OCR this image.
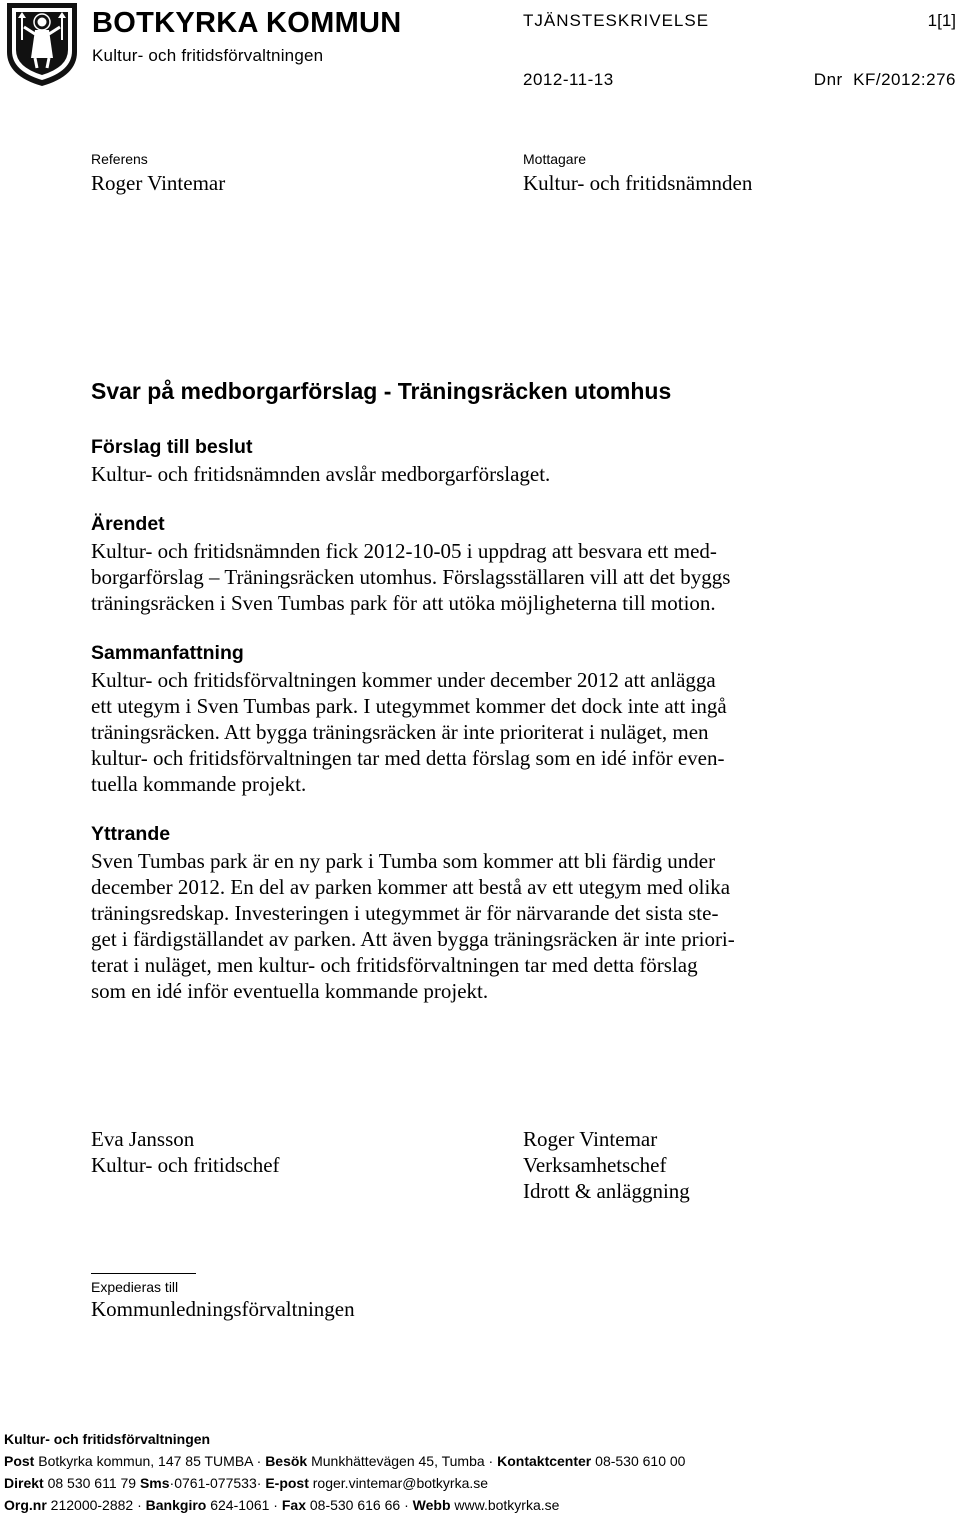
BOTKYRKA KOMMUN
Kultur- och fritidsförvaltningen
TJÄNSTESKRIVELSE	1[1]
2012-11-13	Dnr  KF/2012:276
Referens
Roger Vintemar
Mottagare
Kultur- och fritidsnämnden
Svar på medborgarförslag - Träningsräcken utomhus
Förslag till beslut
Kultur- och fritidsnämnden avslår medborgarförslaget.
Ärendet
Kultur- och fritidsnämnden fick 2012-10-05 i uppdrag att besvara ett med-
borgarförslag – Träningsräcken utomhus. Förslagsställaren vill att det byggs
träningsräcken i Sven Tumbas park för att utöka möjligheterna till motion.
Sammanfattning
Kultur- och fritidsförvaltningen kommer under december 2012 att anlägga
ett utegym i Sven Tumbas park. I utegymmet kommer det dock inte att ingå
träningsräcken. Att bygga träningsräcken är inte prioriterat i nuläget, men
kultur- och fritidsförvaltningen tar med detta förslag som en idé inför even-
tuella kommande projekt.
Yttrande
Sven Tumbas park är en ny park i Tumba som kommer att bli färdig under
december 2012. En del av parken kommer att bestå av ett utegym med olika
träningsredskap. Investeringen i utegymmet är för närvarande det sista ste-
get i färdigställandet av parken. Att även bygga träningsräcken är inte priori-
terat i nuläget, men kultur- och fritidsförvaltningen tar med detta förslag
som en idé inför eventuella kommande projekt.
Eva Jansson
Kultur- och fritidschef
Roger Vintemar
Verksamhetschef
Idrott & anläggning
Expedieras till
Kommunledningsförvaltningen
Kultur- och fritidsförvaltningen
Post Botkyrka kommun, 147 85 TUMBA · Besök Munkhättevägen 45, Tumba · Kontaktcenter 08-530 610 00
Direkt 08 530 611 79 Sms·0761-077533· E-post roger.vintemar@botkyrka.se
Org.nr 212000-2882 · Bankgiro 624-1061 · Fax 08-530 616 66 · Webb www.botkyrka.se
